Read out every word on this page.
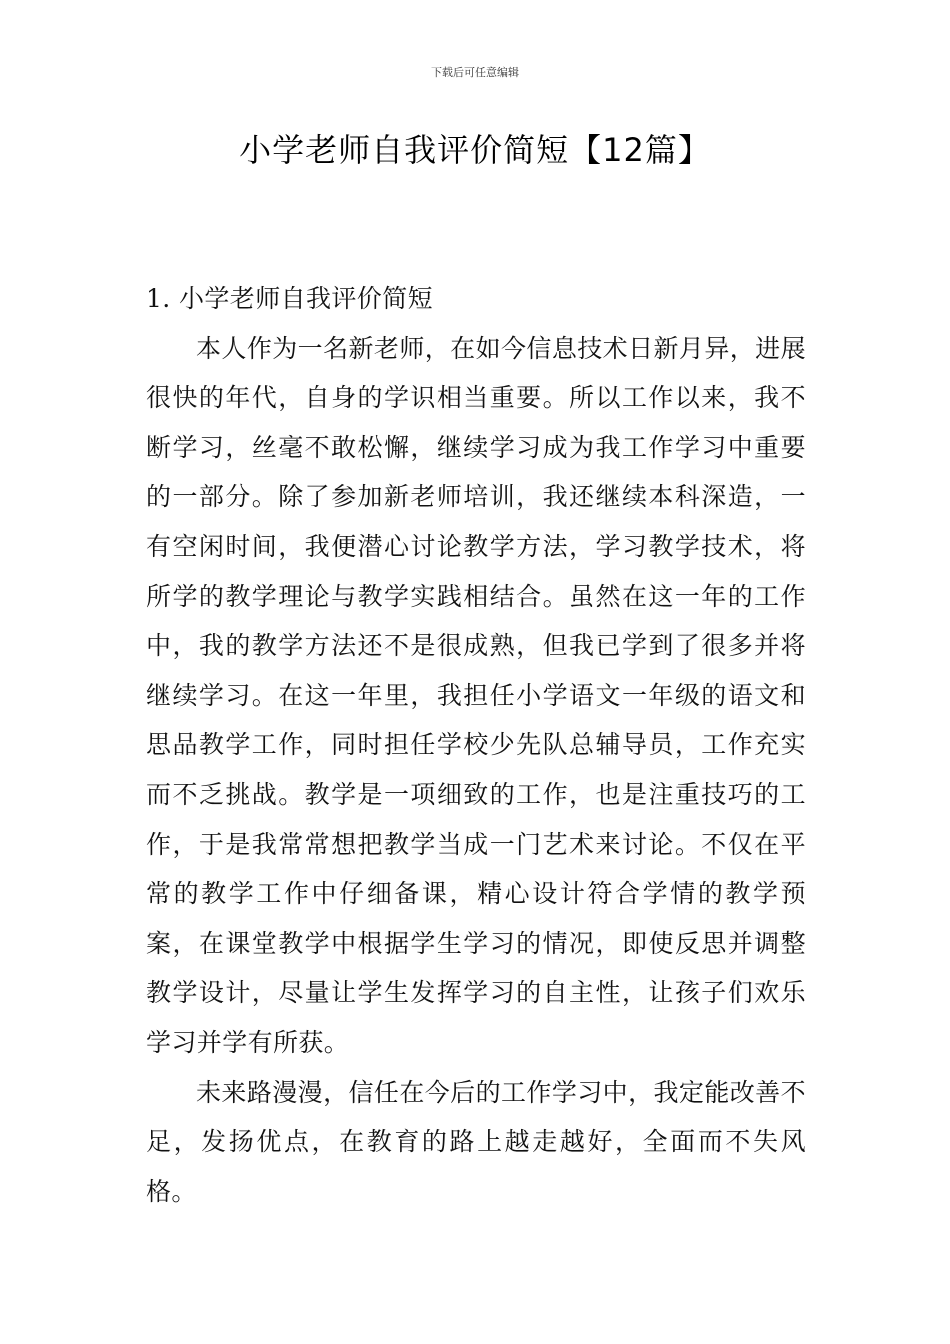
下载后可任意编辑
小学老师自我评价简短【12篇】
1. 小学老师自我评价简短

本人作为一名新老师，在如今信息技术日新月异，进展很快的年代，自身的学识相当重要。所以工作以来，我不断学习，丝毫不敢松懈，继续学习成为我工作学习中重要的一部分。除了参加新老师培训，我还继续本科深造，一有空闲时间，我便潜心讨论教学方法，学习教学技术，将所学的教学理论与教学实践相结合。虽然在这一年的工作中，我的教学方法还不是很成熟，但我已学到了很多并将继续学习。在这一年里，我担任小学语文一年级的语文和思品教学工作，同时担任学校少先队总辅导员，工作充实而不乏挑战。教学是一项细致的工作，也是注重技巧的工作，于是我常常想把教学当成一门艺术来讨论。不仅在平常的教学工作中仔细备课，精心设计符合学情的教学预案，在课堂教学中根据学生学习的情况，即使反思并调整教学设计，尽量让学生发挥学习的自主性，让孩子们欢乐学习并学有所获。

未来路漫漫，信任在今后的工作学习中，我定能改善不足，发扬优点，在教育的路上越走越好，全面而不失风格。
